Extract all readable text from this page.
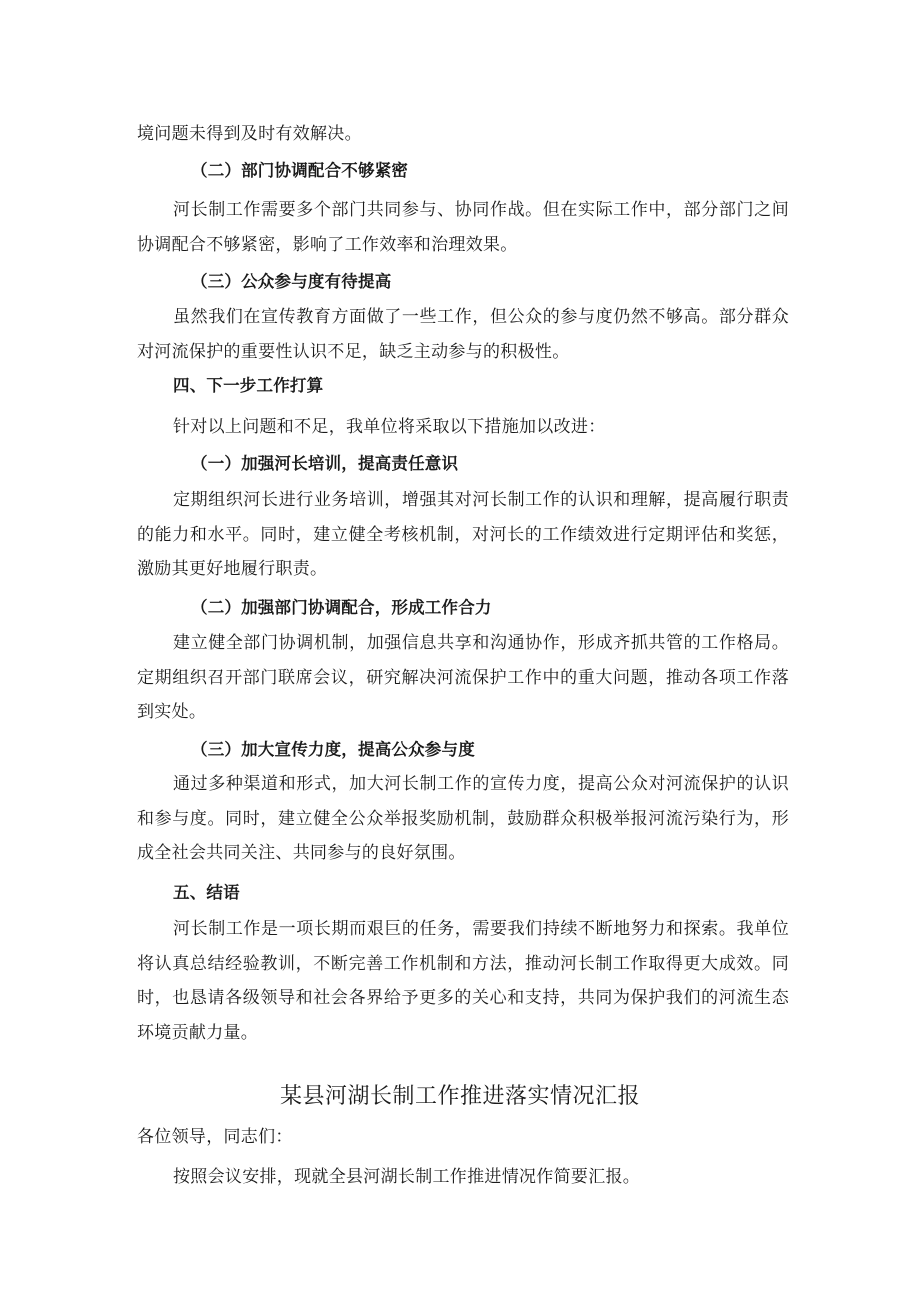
境问题未得到及时有效解决。
（二）部门协调配合不够紧密
河长制工作需要多个部门共同参与、协同作战。但在实际工作中，部分部门之间协调配合不够紧密，影响了工作效率和治理效果。
（三）公众参与度有待提高
虽然我们在宣传教育方面做了一些工作，但公众的参与度仍然不够高。部分群众对河流保护的重要性认识不足，缺乏主动参与的积极性。
四、下一步工作打算
针对以上问题和不足，我单位将采取以下措施加以改进：
（一）加强河长培训，提高责任意识
定期组织河长进行业务培训，增强其对河长制工作的认识和理解，提高履行职责的能力和水平。同时，建立健全考核机制，对河长的工作绩效进行定期评估和奖惩，激励其更好地履行职责。
（二）加强部门协调配合，形成工作合力
建立健全部门协调机制，加强信息共享和沟通协作，形成齐抓共管的工作格局。定期组织召开部门联席会议，研究解决河流保护工作中的重大问题，推动各项工作落到实处。
（三）加大宣传力度，提高公众参与度
通过多种渠道和形式，加大河长制工作的宣传力度，提高公众对河流保护的认识和参与度。同时，建立健全公众举报奖励机制，鼓励群众积极举报河流污染行为，形成全社会共同关注、共同参与的良好氛围。
五、结语
河长制工作是一项长期而艰巨的任务，需要我们持续不断地努力和探索。我单位将认真总结经验教训，不断完善工作机制和方法，推动河长制工作取得更大成效。同时，也恳请各级领导和社会各界给予更多的关心和支持，共同为保护我们的河流生态环境贡献力量。
某县河湖长制工作推进落实情况汇报
各位领导，同志们：
按照会议安排，现就全县河湖长制工作推进情况作简要汇报。
